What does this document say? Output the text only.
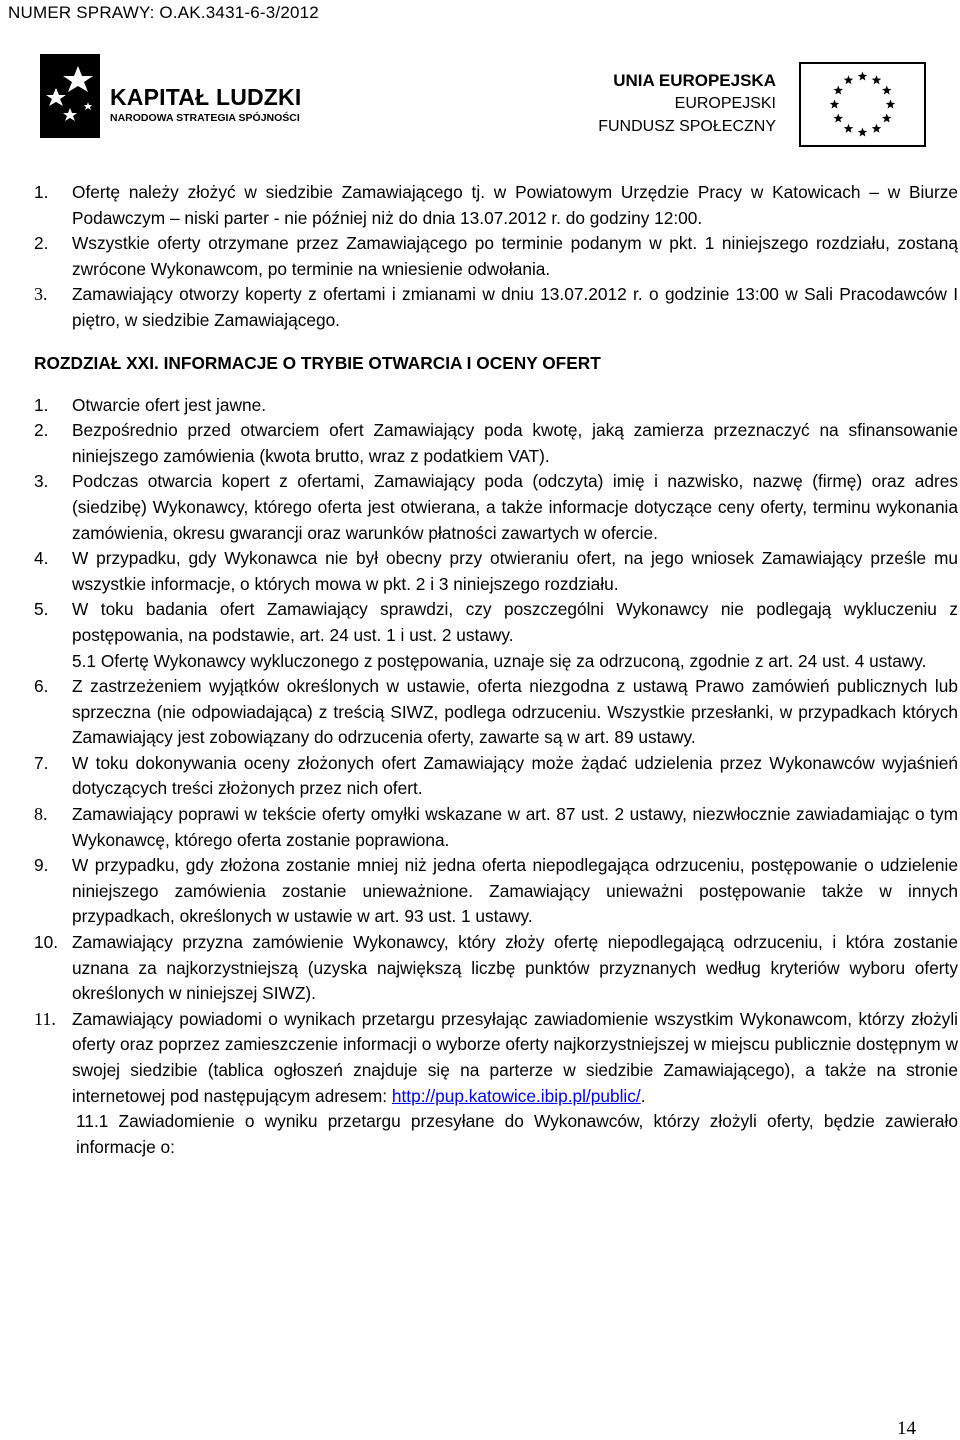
NUMER SPRAWY: O.AK.3431-6-3/2012
KAPITAŁ LUDZKI
NARODOWA STRATEGIA SPÓJNOŚCI
UNIA EUROPEJSKA
EUROPEJSKI
FUNDUSZ SPOŁECZNY
1.	Ofertę należy złożyć w siedzibie Zamawiającego tj. w Powiatowym Urzędzie Pracy w Katowicach – w Biurze Podawczym – niski parter - nie później niż do dnia 13.07.2012 r. do godziny 12:00.
2.	Wszystkie oferty otrzymane przez Zamawiającego po terminie podanym w pkt. 1 niniejszego rozdziału, zostaną zwrócone Wykonawcom, po terminie na wniesienie odwołania.
3.	Zamawiający otworzy koperty z ofertami i zmianami w dniu 13.07.2012 r. o godzinie 13:00 w Sali Pracodawców I piętro, w siedzibie Zamawiającego.
ROZDZIAŁ XXI. INFORMACJE O TRYBIE OTWARCIA I OCENY OFERT
1.	Otwarcie ofert jest jawne.
2.	Bezpośrednio przed otwarciem ofert Zamawiający poda kwotę, jaką zamierza przeznaczyć na sfinansowanie niniejszego zamówienia (kwota brutto, wraz z podatkiem VAT).
3.	Podczas otwarcia kopert z ofertami, Zamawiający poda (odczyta) imię i nazwisko, nazwę (firmę) oraz adres (siedzibę) Wykonawcy, którego oferta jest otwierana, a także informacje dotyczące ceny oferty, terminu wykonania zamówienia, okresu gwarancji oraz warunków płatności zawartych w ofercie.
4.	W przypadku, gdy Wykonawca nie był obecny przy otwieraniu ofert, na jego wniosek Zamawiający prześle mu wszystkie informacje, o których mowa w pkt. 2 i 3 niniejszego rozdziału.
5.	W toku badania ofert Zamawiający sprawdzi, czy poszczególni Wykonawcy nie podlegają wykluczeniu z postępowania, na podstawie, art. 24 ust. 1 i ust. 2 ustawy.
5.1 Ofertę Wykonawcy wykluczonego z postępowania, uznaje się za odrzuconą, zgodnie z art. 24 ust. 4 ustawy.
6.	Z zastrzeżeniem wyjątków określonych w ustawie, oferta niezgodna z ustawą Prawo zamówień publicznych lub sprzeczna (nie odpowiadająca) z treścią SIWZ, podlega odrzuceniu. Wszystkie przesłanki, w przypadkach których Zamawiający jest zobowiązany do odrzucenia oferty, zawarte są w art. 89 ustawy.
7.	W toku dokonywania oceny złożonych ofert Zamawiający może żądać udzielenia przez Wykonawców wyjaśnień dotyczących treści złożonych przez nich ofert.
8.	Zamawiający poprawi w tekście oferty omyłki wskazane w art. 87 ust. 2 ustawy, niezwłocznie zawiadamiając o tym Wykonawcę, którego oferta zostanie poprawiona.
9.	W przypadku, gdy złożona zostanie mniej niż jedna oferta niepodlegająca odrzuceniu, postępowanie o udzielenie niniejszego zamówienia zostanie unieważnione. Zamawiający unieważni postępowanie także w innych przypadkach, określonych w ustawie w art. 93 ust. 1 ustawy.
10. Zamawiający przyzna zamówienie Wykonawcy, który złoży ofertę niepodlegającą odrzuceniu, i która zostanie uznana za najkorzystniejszą (uzyska największą liczbę punktów przyznanych według kryteriów wyboru oferty określonych w niniejszej SIWZ).
11. Zamawiający powiadomi o wynikach przetargu przesyłając zawiadomienie wszystkim Wykonawcom, którzy złożyli oferty oraz poprzez zamieszczenie informacji o wyborze oferty najkorzystniejszej w miejscu publicznie dostępnym w swojej siedzibie (tablica ogłoszeń znajduje się na parterze w siedzibie Zamawiającego), a także na stronie internetowej pod następującym adresem: http://pup.katowice.ibip.pl/public/.
11.1 Zawiadomienie o wyniku przetargu przesyłane do Wykonawców, którzy złożyli oferty, będzie zawierało informacje o:
14
